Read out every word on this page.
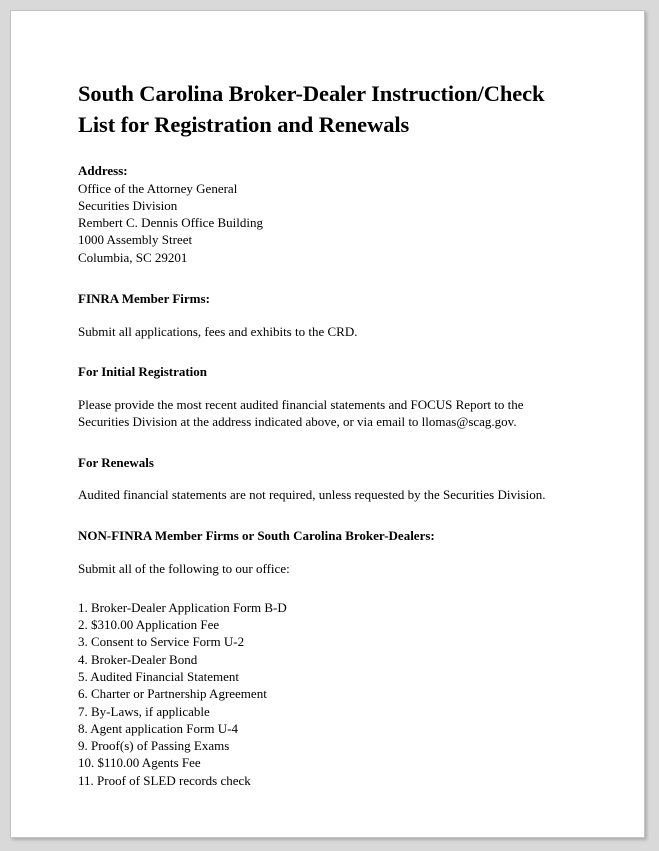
South Carolina Broker-Dealer Instruction/Check List for Registration and Renewals
Address:
Office of the Attorney General
Securities Division
Rembert C. Dennis Office Building
1000 Assembly Street
Columbia, SC 29201
FINRA Member Firms:

Submit all applications, fees and exhibits to the CRD.

For Initial Registration

Please provide the most recent audited financial statements and FOCUS Report to the Securities Division at the address indicated above, or via email to llomas@scag.gov.

For Renewals

Audited financial statements are not required, unless requested by the Securities Division.

NON-FINRA Member Firms or South Carolina Broker-Dealers:

Submit all of the following to our office:

1. Broker-Dealer Application Form B-D
2. $310.00 Application Fee
3. Consent to Service Form U-2
4. Broker-Dealer Bond
5. Audited Financial Statement
6. Charter or Partnership Agreement
7. By-Laws, if applicable
8. Agent application Form U-4
9. Proof(s) of Passing Exams
10. $110.00 Agents Fee
11. Proof of SLED records check
